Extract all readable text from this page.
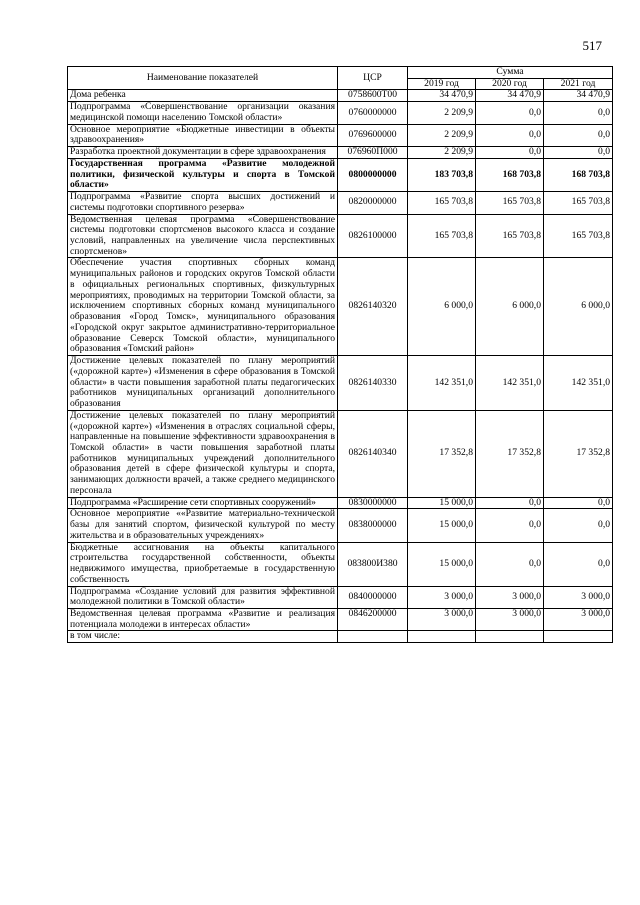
517
Наименование показателей	ЦСР	Сумма		
		2019 год	2020 год	2021 год
Дома ребенка	0758600Т00	34 470,9	34 470,9	34 470,9
Подпрограмма «Совершенствование организации оказания медицинской помощи населению Томской области»	0760000000	2 209,9	0,0	0,0
Основное мероприятие «Бюджетные инвестиции в объекты здравоохранения»	0769600000	2 209,9	0,0	0,0
Разработка проектной документации в сфере здравоохранения	076960П000	2 209,9	0,0	0,0
Государственная программа «Развитие молодежной политики, физической культуры и спорта в Томской области»	0800000000	183 703,8	168 703,8	168 703,8
Подпрограмма «Развитие спорта высших достижений и системы подготовки спортивного резерва»	0820000000	165 703,8	165 703,8	165 703,8
Ведомственная целевая программа «Совершенствование системы подготовки спортсменов высокого класса и создание условий, направленных на увеличение числа перспективных спортсменов»	0826100000	165 703,8	165 703,8	165 703,8
Обеспечение участия спортивных сборных команд муниципальных районов и городских округов Томской области в официальных региональных спортивных, физкультурных мероприятиях, проводимых на территории Томской области, за исключением спортивных сборных команд муниципального образования «Город Томск», муниципального образования «Городской округ закрытое административно-территориальное образование Северск Томской области», муниципального образования «Томский район»	0826140320	6 000,0	6 000,0	6 000,0
Достижение целевых показателей по плану мероприятий («дорожной карте») «Изменения в сфере образования в Томской области» в части повышения заработной платы педагогических работников муниципальных организаций дополнительного образования	0826140330	142 351,0	142 351,0	142 351,0
Достижение целевых показателей по плану мероприятий («дорожной карте») «Изменения в отраслях социальной сферы, направленные на повышение эффективности здравоохранения в Томской области» в части повышения заработной платы работников муниципальных учреждений дополнительного образования детей в сфере физической культуры и спорта, занимающих должности врачей, а также среднего медицинского персонала	0826140340	17 352,8	17 352,8	17 352,8
Подпрограмма «Расширение сети спортивных сооружений»	0830000000	15 000,0	0,0	0,0
Основное мероприятие ««Развитие материально-технической базы для занятий спортом, физической культурой по месту жительства и в образовательных учреждениях»	0838000000	15 000,0	0,0	0,0
Бюджетные ассигнования на объекты капитального строительства государственной собственности, объекты недвижимого имущества, приобретаемые в государственную собственность	083800И380	15 000,0	0,0	0,0
Подпрограмма «Создание условий для развития эффективной молодежной политики в Томской области»	0840000000	3 000,0	3 000,0	3 000,0
Ведомственная целевая программа «Развитие и реализация потенциала молодежи в интересах области»	0846200000	3 000,0	3 000,0	3 000,0
в том числе:				
